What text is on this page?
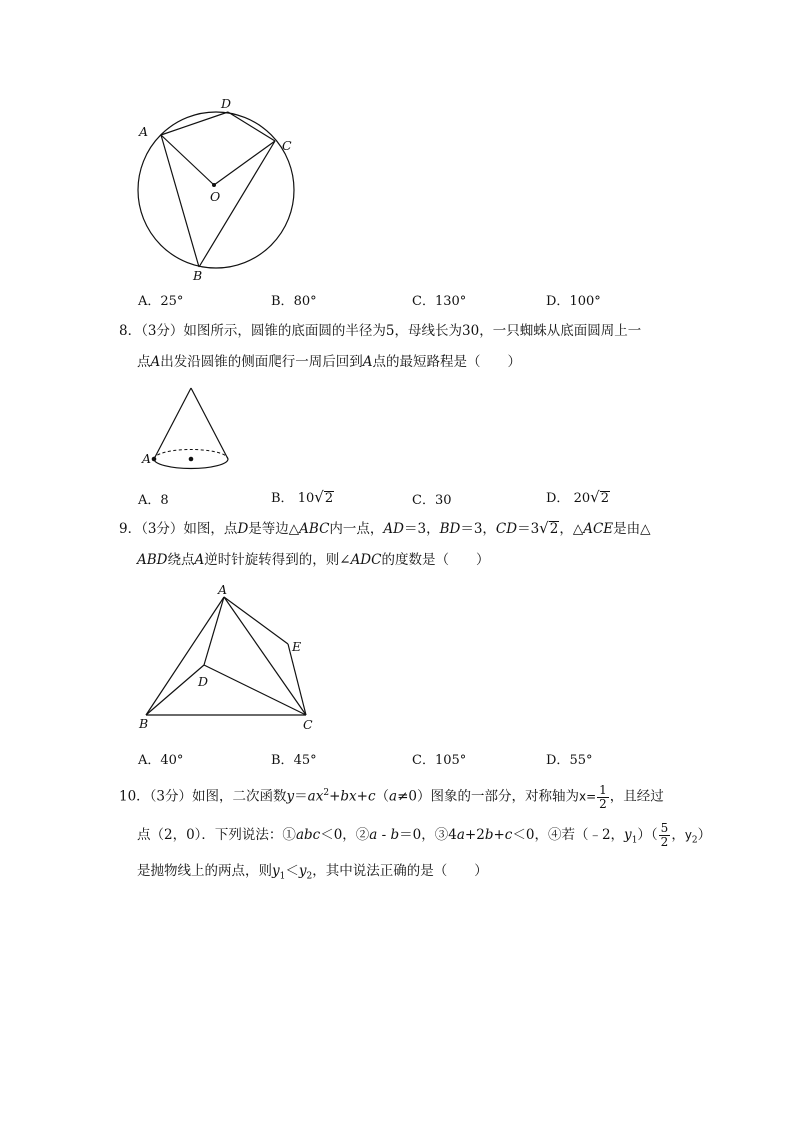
D
A
C
O
B
A．25°	B．80°	C．130°	D．100°
8．（3分）如图所示，圆锥的底面圆的半径为5，母线长为30，一只蜘蛛从底面圆周上一
点A出发沿圆锥的侧面爬行一周后回到A点的最短路程是（　　）
A
A．8	B． 10√2	C．30	D． 20√2
9．（3分）如图，点D是等边△ABC内一点，AD＝3，BD＝3，CD＝3√2，△ACE是由△
ABD绕点A逆时针旋转得到的，则∠ADC的度数是（　　）
A
E
D
B	C
A．40°	B．45°	C．105°	D．55°
10．（3分）如图，二次函数$y=ax^2+bx+c(a\ne 0)$图象的一部分，对称轴为$x= \frac{1}{2}$ ，且经过
点（2，0）．下列说法：①abc＜0，②a - b＝0，③4a+2b+c＜0，④若（﹣2，$y_1)( \frac{5}{2}$ ，$y_2$）
是抛物线上的两点，则$y_1<y_2$，其中说法正确的是（　　）
